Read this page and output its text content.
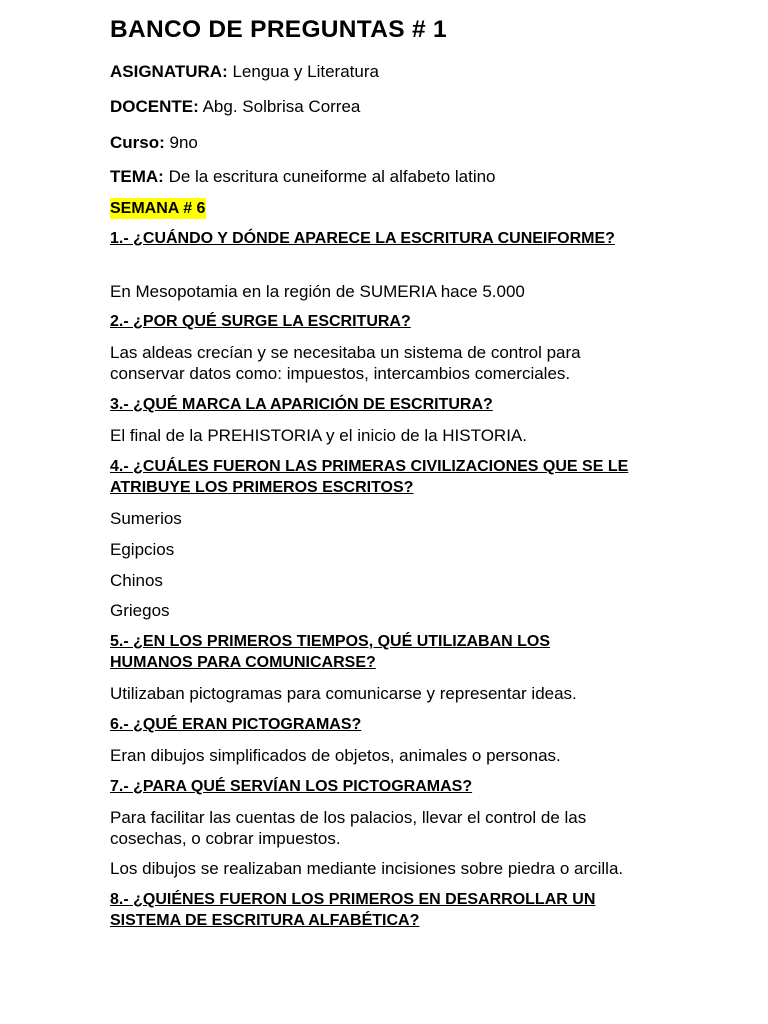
BANCO DE PREGUNTAS # 1
ASIGNATURA: Lengua y Literatura
DOCENTE: Abg. Solbrisa Correa
Curso: 9no
TEMA: De la escritura cuneiforme al alfabeto latino
SEMANA # 6
1.- ¿CUÁNDO Y DÓNDE APARECE LA ESCRITURA CUNEIFORME?
En Mesopotamia en la región de SUMERIA hace 5.000
2.- ¿POR QUÉ SURGE LA ESCRITURA?
Las aldeas crecían y se necesitaba un sistema de control para conservar datos como: impuestos, intercambios comerciales.
3.- ¿QUÉ MARCA LA APARICIÓN DE ESCRITURA?
El final de la PREHISTORIA y el inicio de la HISTORIA.
4.- ¿CUÁLES FUERON LAS PRIMERAS CIVILIZACIONES QUE SE LE ATRIBUYE LOS PRIMEROS ESCRITOS?
Sumerios
Egipcios
Chinos
Griegos
5.- ¿EN LOS PRIMEROS TIEMPOS, QUÉ UTILIZABAN LOS HUMANOS PARA COMUNICARSE?
Utilizaban pictogramas para comunicarse y representar ideas.
6.- ¿QUÉ ERAN PICTOGRAMAS?
Eran dibujos simplificados de objetos, animales o personas.
7.- ¿PARA QUÉ SERVÍAN LOS PICTOGRAMAS?
Para facilitar las cuentas de los palacios, llevar el control de las cosechas, o cobrar impuestos.
Los dibujos se realizaban mediante incisiones sobre piedra o arcilla.
8.- ¿QUIÉNES FUERON LOS PRIMEROS EN DESARROLLAR UN SISTEMA DE ESCRITURA ALFABÉTICA?
